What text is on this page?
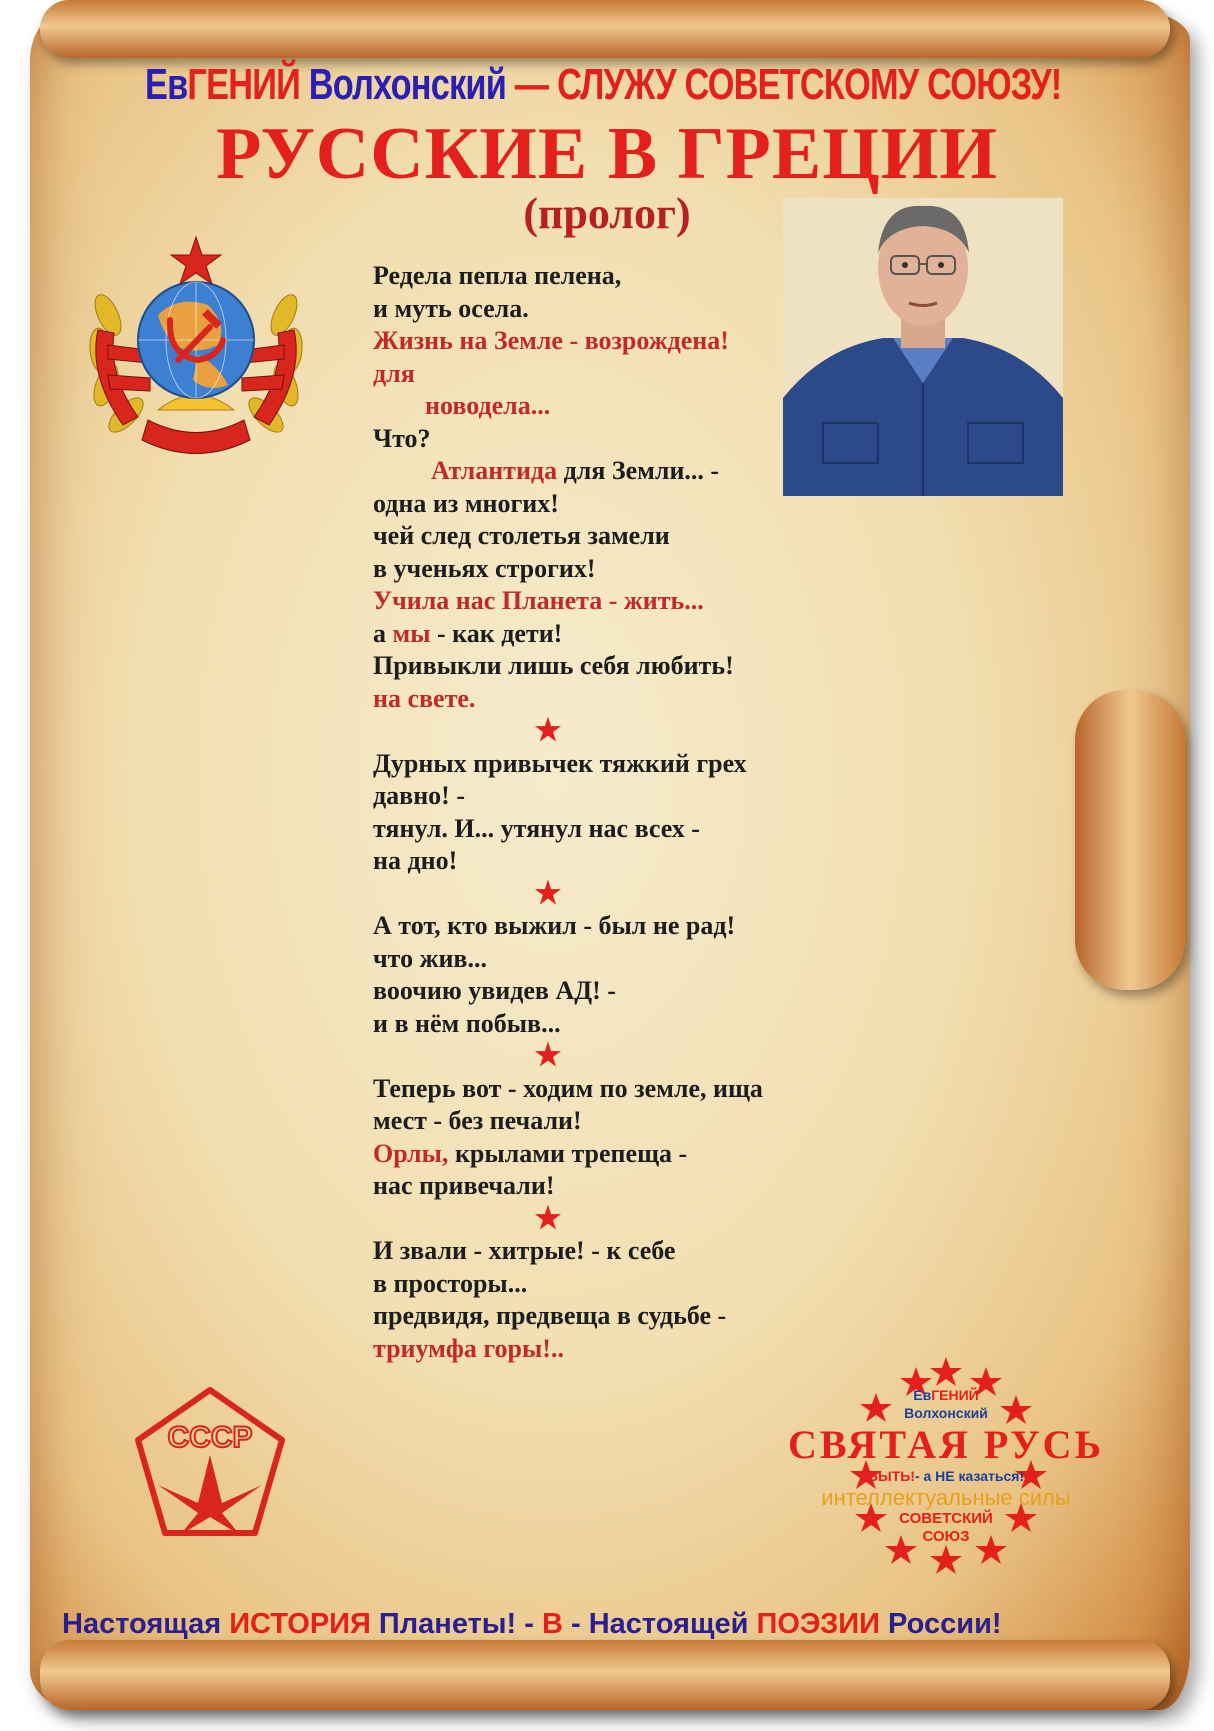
ЕвГЕНИЙ Волхонский — СЛУЖУ СОВЕТСКОМУ СОЮЗУ!
РУССКИЕ В ГРЕЦИИ
(пролог)
Редела пепла пелена,
и муть осела.
Жизнь на Земле - возрождена!
для
новодела...
Что?
Атлантида для Земли... -
одна из многих!
чей след столетья замели
в ученьях строгих!
Учила нас Планета - жить...
а мы - как дети!
Привыкли лишь себя любить!
на свете.
★
Дурных привычек тяжкий грех
давно! -
тянул. И... утянул нас всех -
на дно!
★
А тот, кто выжил - был не рад!
что жив...
воочию увидев АД! -
и в нём побыв...
★
Теперь вот - ходим по земле, ища
мест - без печали!
Орлы, крылами трепеща -
нас привечали!
★
И звали - хитрые! - к себе
в просторы...
предвидя, предвеща в судьбе -
триумфа горы!..
СССР
ЕвГЕНИЙ
Волхонский
СВЯТАЯ РУСЬ
БЫТЬ!- а НЕ казаться!
интеллектуальные силы
СОВЕТСКИЙ
СОЮЗ
Настоящая ИСТОРИЯ Планеты! - В - Настоящей ПОЭЗИИ России!
